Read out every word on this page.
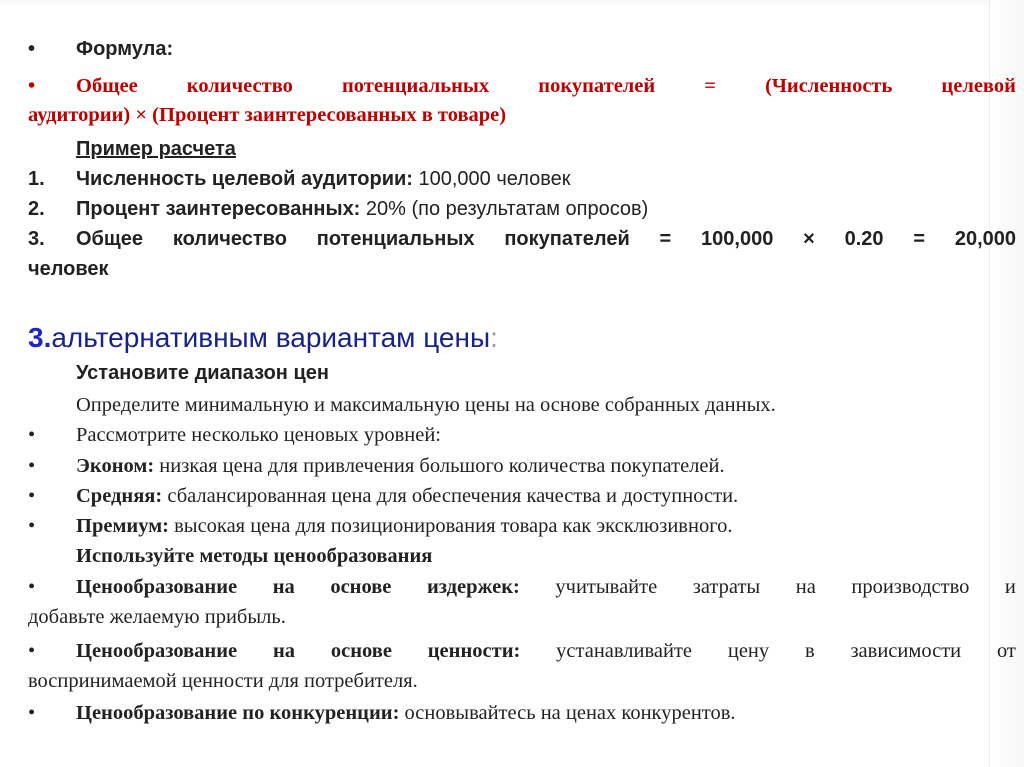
• Формула:
•	Общее количество потенциальных покупателей = (Численность целевой
аудитории) × (Процент заинтересованных в товаре)
Пример расчета
1. Численность целевой аудитории: 100,000 человек
2. Процент заинтересованных: 20% (по результатам опросов)
3.	Общее количество потенциальных покупателей = 100,000 × 0.20 = 20,000
человек
3.альтернативным вариантам цены:
Установите диапазон цен
Определите минимальную и максимальную цены на основе собранных данных.
• Рассмотрите несколько ценовых уровней:
• Эконом: низкая цена для привлечения большого количества покупателей.
• Средняя: сбалансированная цена для обеспечения качества и доступности.
• Премиум: высокая цена для позиционирования товара как эксклюзивного.
Используйте методы ценообразования
•	Ценообразование на основе издержек: учитывайте затраты на производство и
добавьте желаемую прибыль.
•	Ценообразование на основе ценности: устанавливайте цену в зависимости от
воспринимаемой ценности для потребителя.
• Ценообразование по конкуренции: основывайтесь на ценах конкурентов.
